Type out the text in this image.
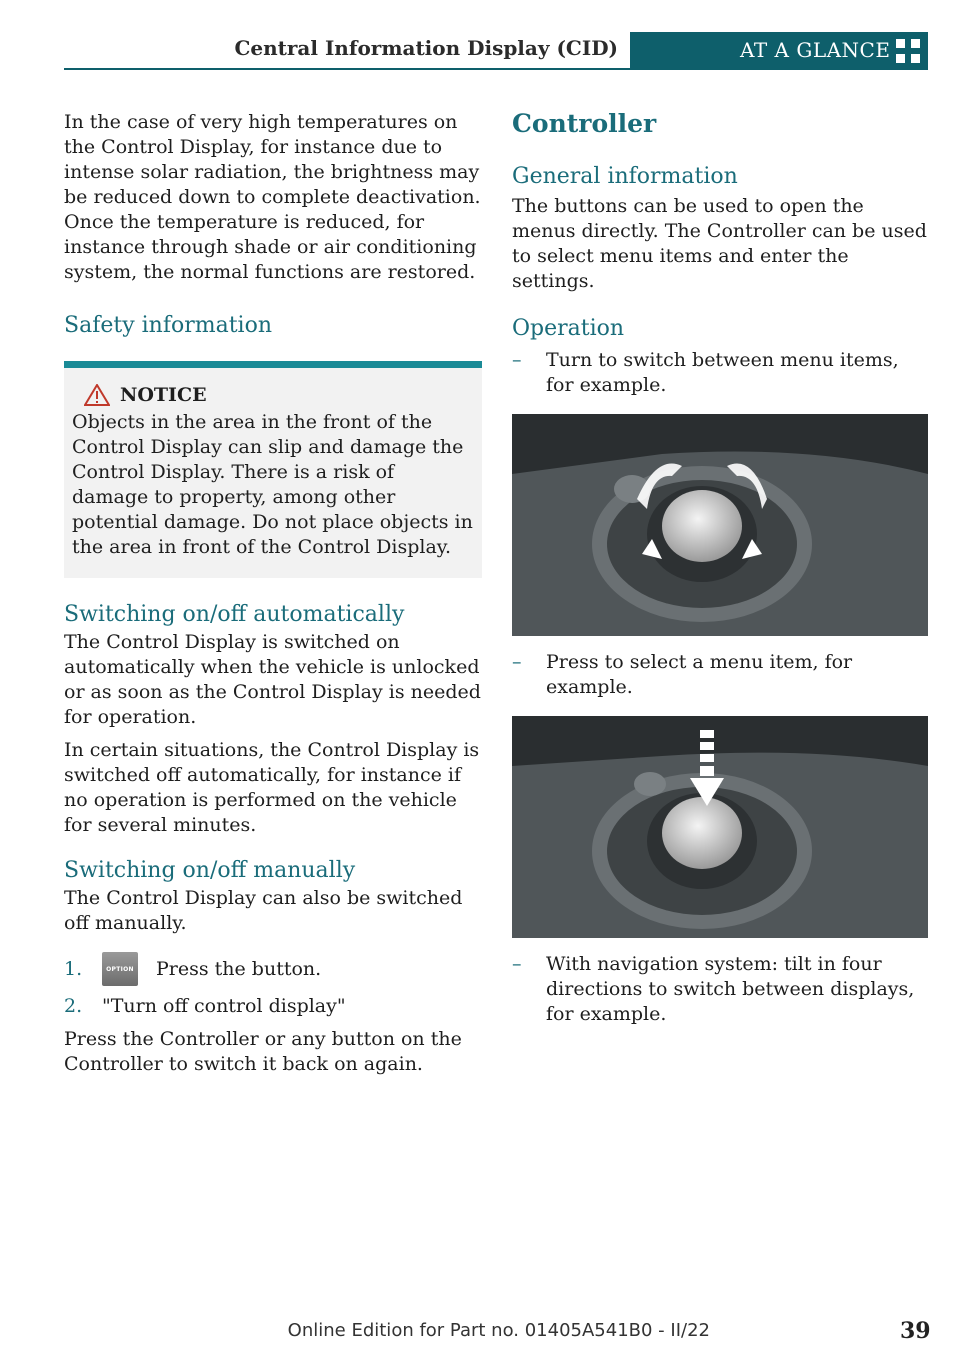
Central Information Display (CID)	AT A GLANCE

In the case of very high temperatures on the Control Display, for instance due to intense solar radiation, the brightness may be reduced down to complete deactivation. Once the temperature is reduced, for instance through shade or air conditioning system, the normal functions are restored.

Safety information
NOTICE

Objects in the area in the front of the Control Display can slip and damage the Control Display. There is a risk of damage to property, among other potential damage. Do not place objects in the area in front of the Control Display.

Switching on/off automatically

The Control Display is switched on automatically when the vehicle is unlocked or as soon as the Control Display is needed for operation.

In certain situations, the Control Display is switched off automatically, for instance if no operation is performed on the vehicle for several minutes.

Switching on/off manually

The Control Display can also be switched off manually.

1.	OPTION Press the button.
2.	"Turn off control display"

Press the Controller or any button on the Controller to switch it back on again.

Controller
General information

The buttons can be used to open the menus directly. The Controller can be used to select menu items and enter the settings.

Operation
–	Turn to switch between menu items, for example.
–	Press to select a menu item, for example.
–	With navigation system: tilt in four directions to switch between displays, for example.
Online Edition for Part no. 01405A541B0 - II/22	39
